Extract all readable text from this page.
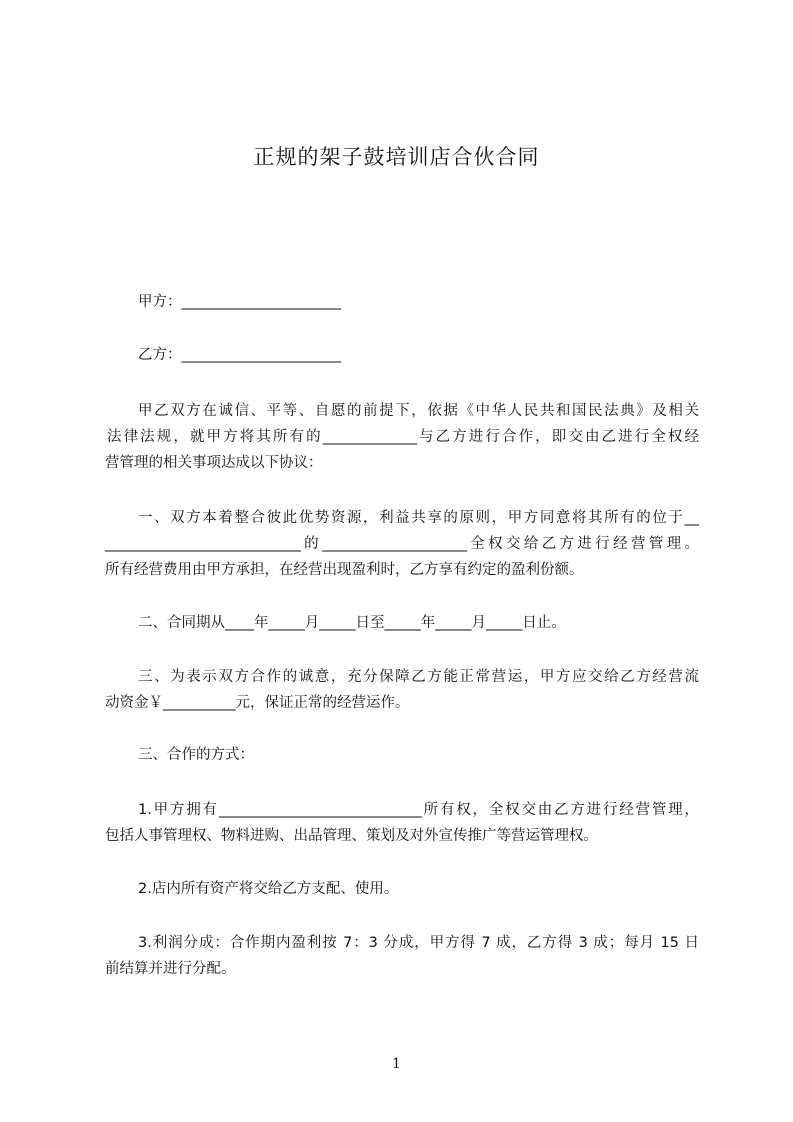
正规的架子鼓培训店合伙合同
甲方：______________________
乙方：______________________
甲乙双方在诚信、平等、自愿的前提下，依据《中华人民共和国民法典》及相关
法律法规，就甲方将其所有的_____________与乙方进行合作，即交由乙进行全权经
营管理的相关事项达成以下协议：
一、双方本着整合彼此优势资源，利益共享的原则，甲方同意将其所有的位于__
___________________________的____________________全权交给乙方进行经营管理。
所有经营费用由甲方承担，在经营出现盈利时，乙方享有约定的盈利份额。
二、合同期从____年_____月_____日至_____年_____月_____日止。
三、为表示双方合作的诚意，充分保障乙方能正常营运，甲方应交给乙方经营流
动资金￥__________元，保证正常的经营运作。
三、合作的方式：
1.甲方拥有____________________________所有权，全权交由乙方进行经营管理，
包括人事管理权、物料进购、出品管理、策划及对外宣传推广等营运管理权。
2.店内所有资产将交给乙方支配、使用。
3.利润分成：合作期内盈利按 7：3 分成，甲方得 7 成，乙方得 3 成；每月 15 日
前结算并进行分配。
1
